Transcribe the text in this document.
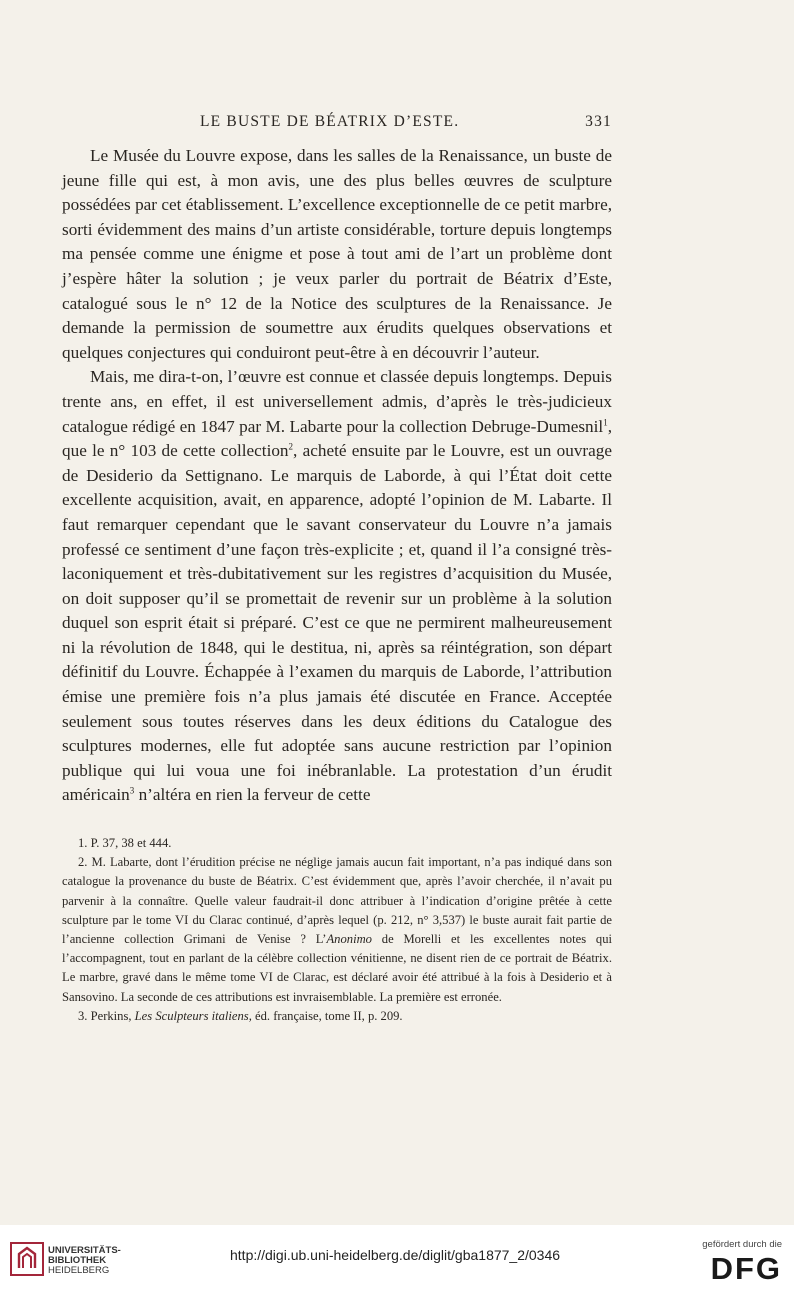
LE BUSTE DE BÉATRIX D’ESTE.	331

Le Musée du Louvre expose, dans les salles de la Renaissance, un buste de jeune fille qui est, à mon avis, une des plus belles œuvres de sculpture possédées par cet établissement. L’excellence exceptionnelle de ce petit marbre, sorti évidemment des mains d’un artiste considérable, torture depuis longtemps ma pensée comme une énigme et pose à tout ami de l’art un problème dont j’espère hâter la solution ; je veux parler du portrait de Béatrix d’Este, catalogué sous le n° 12 de la Notice des sculptures de la Renaissance. Je demande la permission de soumettre aux érudits quelques observations et quelques conjectures qui conduiront peut-être à en découvrir l’auteur.

Mais, me dira-t-on, l’œuvre est connue et classée depuis longtemps. Depuis trente ans, en effet, il est universellement admis, d’après le très-judicieux catalogue rédigé en 1847 par M. Labarte pour la collection Debruge-Dumesnil$^1$, que le n° 103 de cette collection$^2$, acheté ensuite par le Louvre, est un ouvrage de Desiderio da Settignano. Le marquis de Laborde, à qui l’État doit cette excellente acquisition, avait, en apparence, adopté l’opinion de M. Labarte. Il faut remarquer cependant que le savant conservateur du Louvre n’a jamais professé ce sentiment d’une façon très-explicite ; et, quand il l’a consigné très-laconiquement et très-dubitativement sur les registres d’acquisition du Musée, on doit supposer qu’il se promettait de revenir sur un problème à la solution duquel son esprit était si préparé. C’est ce que ne permirent malheureusement ni la révolution de 1848, qui le destitua, ni, après sa réintégration, son départ définitif du Louvre. Échappée à l’examen du marquis de Laborde, l’attribution émise une première fois n’a plus jamais été discutée en France. Acceptée seulement sous toutes réserves dans les deux éditions du Catalogue des sculptures modernes, elle fut adoptée sans aucune restriction par l’opinion publique qui lui voua une foi inébranlable. La protestation d’un érudit américain$^3$ n’altéra en rien la ferveur de cette

1. P. 37, 38 et 444.

2. M. Labarte, dont l’érudition précise ne néglige jamais aucun fait important, n’a pas indiqué dans son catalogue la provenance du buste de Béatrix. C’est évidemment que, après l’avoir cherchée, il n’avait pu parvenir à la connaître. Quelle valeur faudrait-il donc attribuer à l’indication d’origine prêtée à cette sculpture par le tome VI du Clarac continué, d’après lequel (p. 212, n° 3,537) le buste aurait fait partie de l’ancienne collection Grimani de Venise ? L’Anonimo de Morelli et les excellentes notes qui l’accompagnent, tout en parlant de la célèbre collection vénitienne, ne disent rien de ce portrait de Béatrix. Le marbre, gravé dans le même tome VI de Clarac, est déclaré avoir été attribué à la fois à Desiderio et à Sansovino. La seconde de ces attributions est invraisemblable. La première est erronée.

3. Perkins, Les Sculpteurs italiens, éd. française, tome II, p. 209.

UNIVERSITÄTS-
BIBLIOTHEK
HEIDELBERG
http://digi.ub.uni-heidelberg.de/diglit/gba1877_2/0346
gefördert durch die
DFG
